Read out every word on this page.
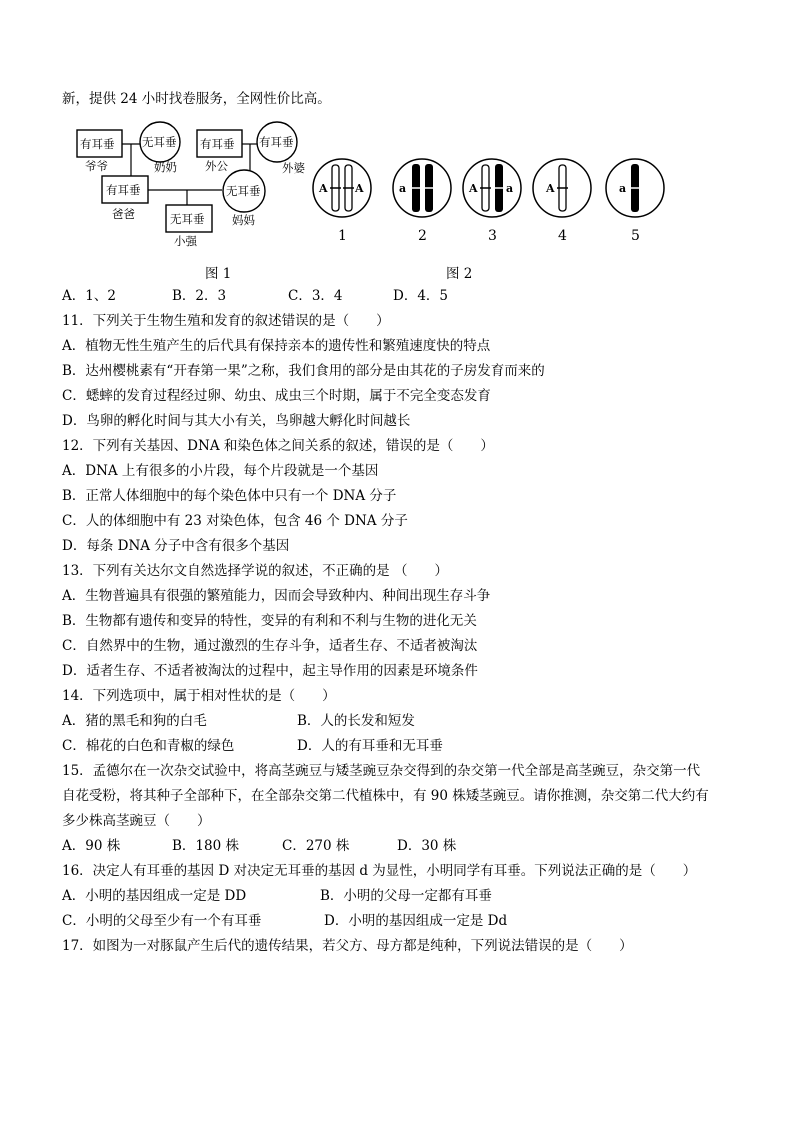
新，提供 24 小时找卷服务，全网性价比高。
有耳垂
爷爷
无耳垂
奶奶
有耳垂
外公
有耳垂
外婆
有耳垂
爸爸
无耳垂
妈妈
无耳垂
小强
A A
1
a
2
A	a
3
A
4
a
5
图 1	图 2
A．1、2	B．2．3	C．3．4	D．4．5
11．下列关于生物生殖和发育的叙述错误的是（　　）
A．植物无性生殖产生的后代具有保持亲本的遗传性和繁殖速度快的特点
B．达州樱桃素有“开春第一果”之称，我们食用的部分是由其花的子房发育而来的
C．蟋蟀的发育过程经过卵、幼虫、成虫三个时期，属于不完全变态发育
D．鸟卵的孵化时间与其大小有关，鸟卵越大孵化时间越长
12．下列有关基因、DNA 和染色体之间关系的叙述，错误的是（　　）
A．DNA 上有很多的小片段，每个片段就是一个基因
B．正常人体细胞中的每个染色体中只有一个 DNA 分子
C．人的体细胞中有 23 对染色体，包含 46 个 DNA 分子
D．每条 DNA 分子中含有很多个基因
13．下列有关达尔文自然选择学说的叙述，不正确的是 （　　）
A．生物普遍具有很强的繁殖能力，因而会导致种内、种间出现生存斗争
B．生物都有遗传和变异的特性，变异的有利和不利与生物的进化无关
C．自然界中的生物，通过激烈的生存斗争，适者生存、不适者被淘汰
D．适者生存、不适者被淘汰的过程中，起主导作用的因素是环境条件
14．下列选项中，属于相对性状的是（　　）
A．猪的黑毛和狗的白毛	B．人的长发和短发
C．棉花的白色和青椒的绿色	D．人的有耳垂和无耳垂
15．孟德尔在一次杂交试验中，将高茎豌豆与矮茎豌豆杂交得到的杂交第一代全部是高茎豌豆，杂交第一代
自花受粉，将其种子全部种下，在全部杂交第二代植株中，有 90 株矮茎豌豆。请你推测，杂交第二代大约有
多少株高茎豌豆（　　）
A．90 株	B．180 株	C．270 株	D．30 株
16．决定人有耳垂的基因 D 对决定无耳垂的基因 d 为显性，小明同学有耳垂。下列说法正确的是（　　）
A．小明的基因组成一定是 DD	B．小明的父母一定都有耳垂
C．小明的父母至少有一个有耳垂	D．小明的基因组成一定是 Dd
17．如图为一对豚鼠产生后代的遗传结果，若父方、母方都是纯种，下列说法错误的是（　　）
